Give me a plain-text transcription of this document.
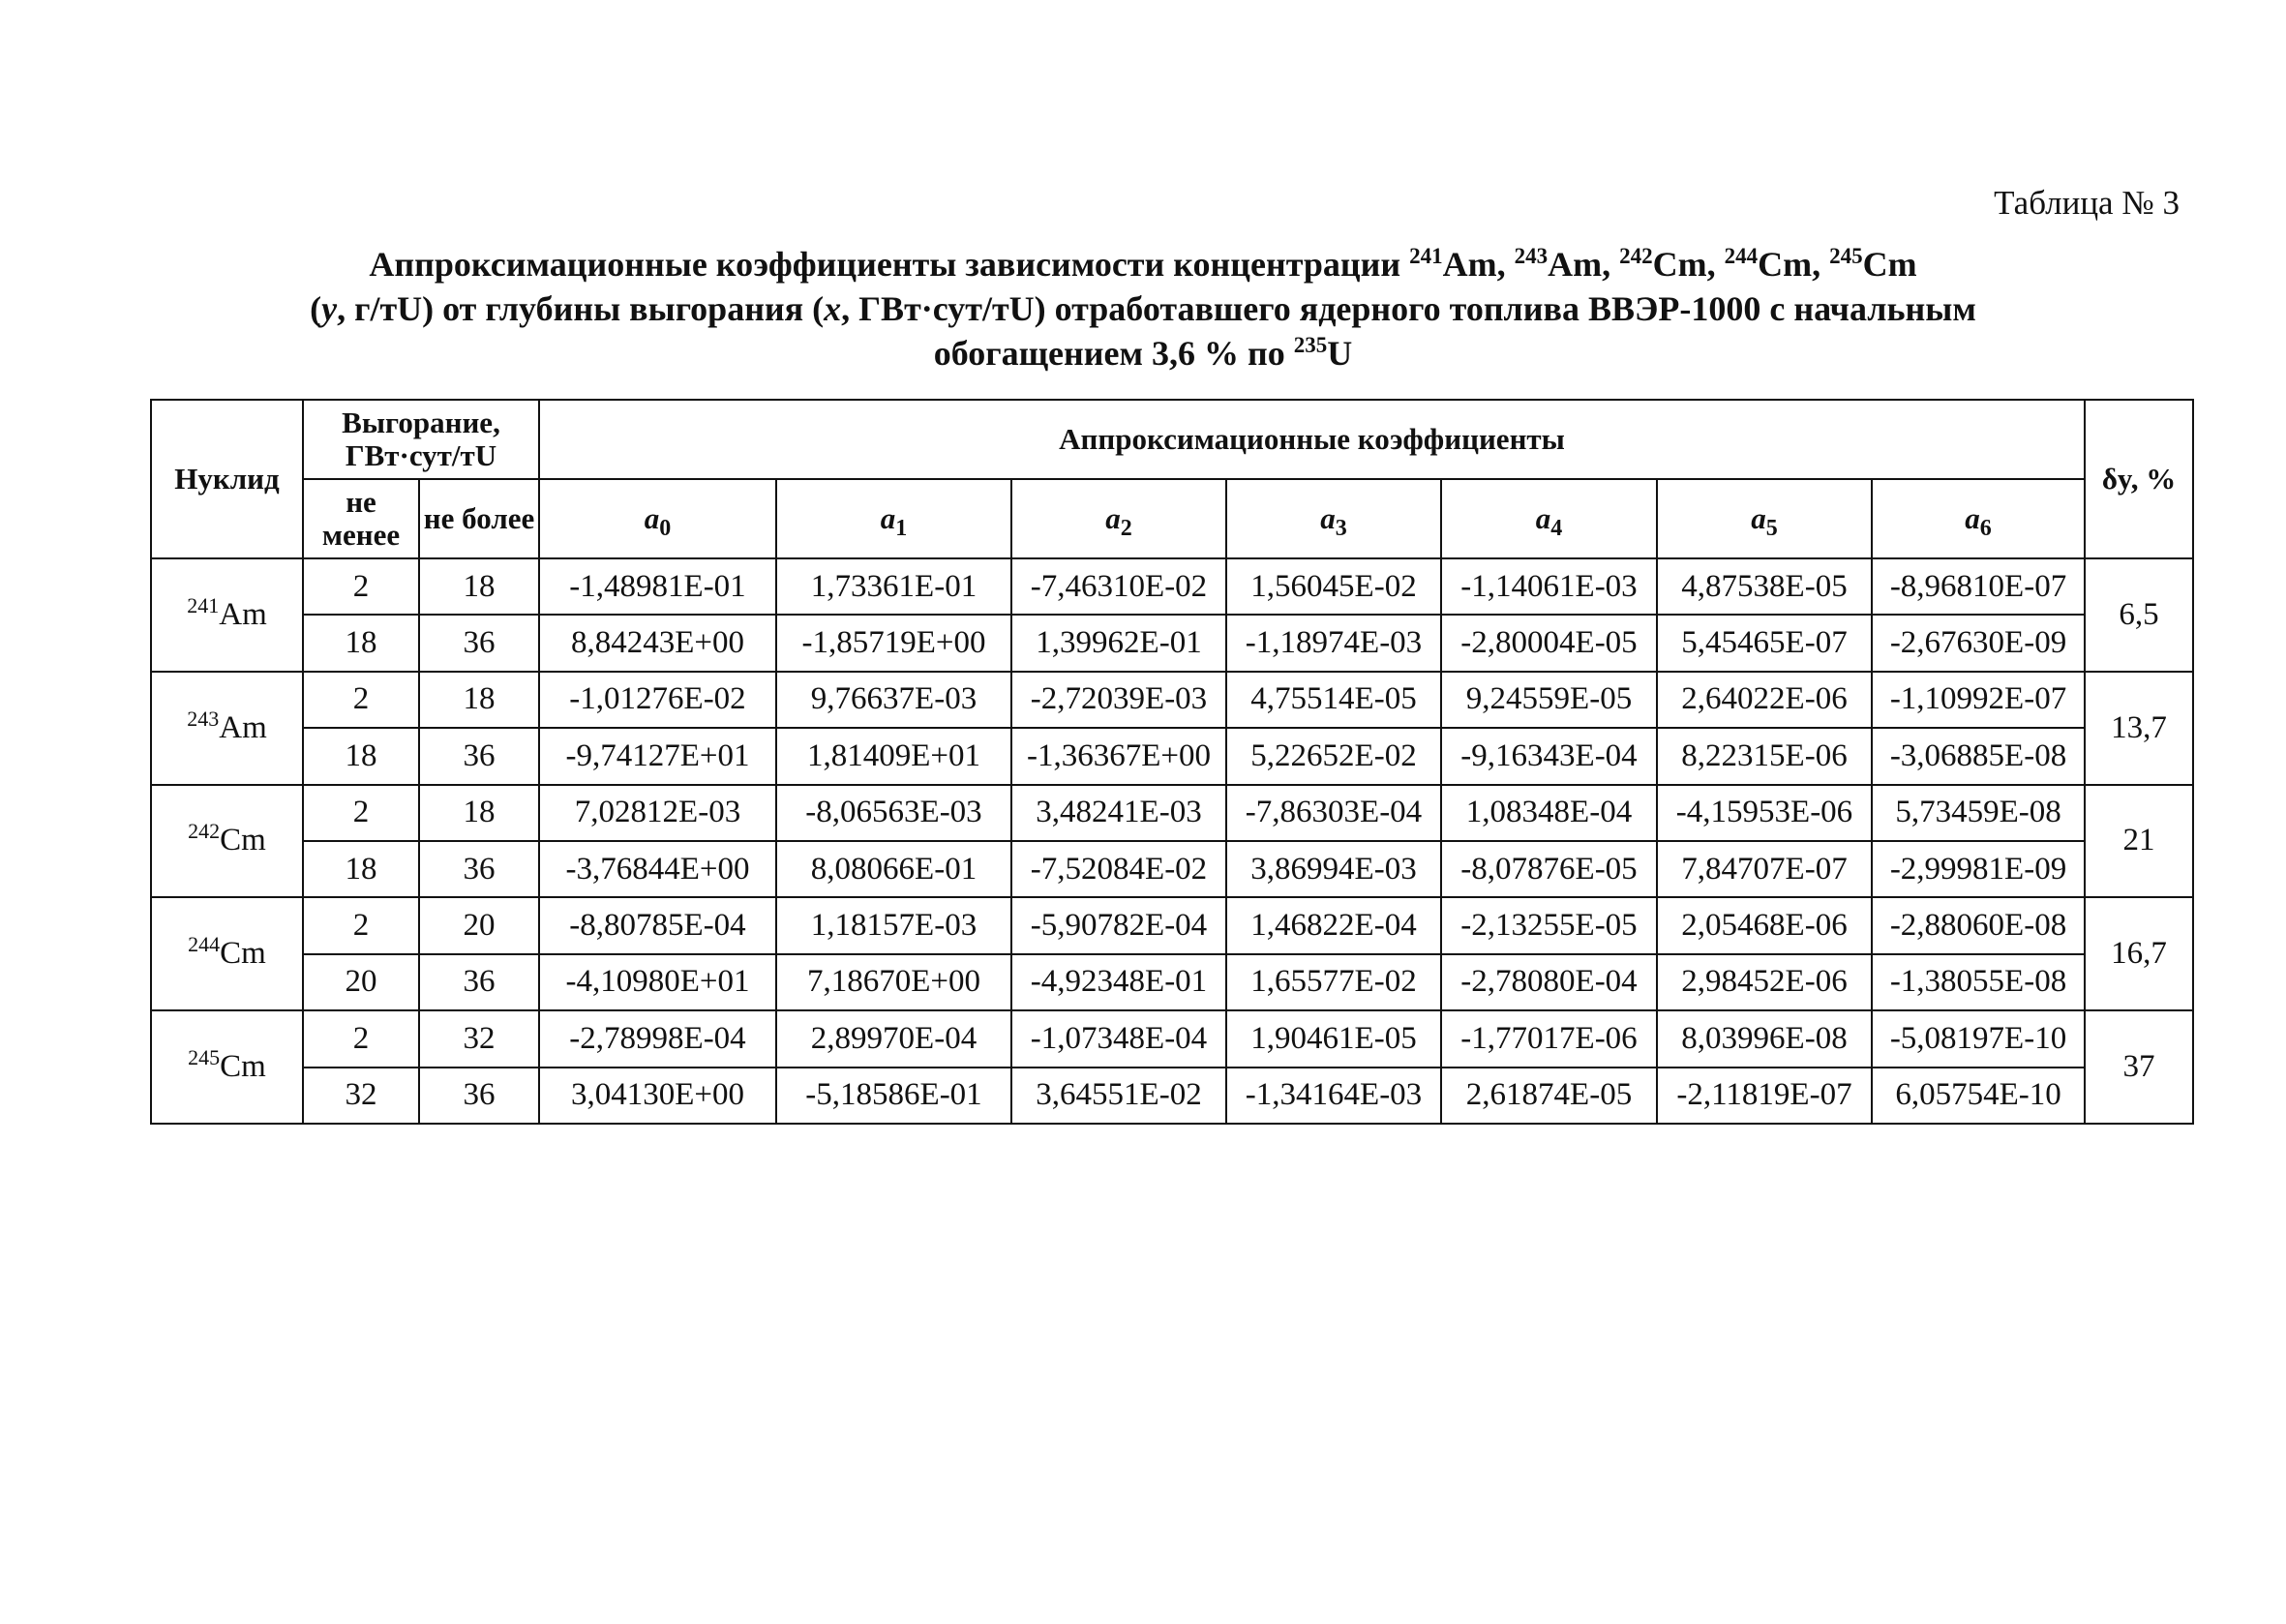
Таблица № 3
Аппроксимационные коэффициенты зависимости концентрации $^{241}$Am, $^{243}$Am, $^{242}$Cm, $^{244}$Cm, $^{245}$Cm
(y, г/тU) от глубины выгорания (x, ГВт·сут/тU) отработавшего ядерного топлива ВВЭР-1000 с начальным
обогащением 3,6 % по $^{235}$U
Нуклид	Выгорание, ГВт·сут/тU		Аппроксимационные коэффициенты							δy, %
	не менее	не более	$a_0$	$a_1$	$a_2$	$a_3$	$a_4$	$a_5$	$a_6$
$^{241}$Am	2	18	-1,48981E-01	1,73361E-01	-7,46310E-02	1,56045E-02	-1,14061E-03	4,87538E-05	-8,96810E-07	6,5
	18	36	8,84243E+00	-1,85719E+00	1,39962E-01	-1,18974E-03	-2,80004E-05	5,45465E-07	-2,67630E-09	
$^{243}$Am	2	18	-1,01276E-02	9,76637E-03	-2,72039E-03	4,75514E-05	9,24559E-05	2,64022E-06	-1,10992E-07	13,7
	18	36	-9,74127E+01	1,81409E+01	-1,36367E+00	5,22652E-02	-9,16343E-04	8,22315E-06	-3,06885E-08	
$^{242}$Cm	2	18	7,02812E-03	-8,06563E-03	3,48241E-03	-7,86303E-04	1,08348E-04	-4,15953E-06	5,73459E-08	21
	18	36	-3,76844E+00	8,08066E-01	-7,52084E-02	3,86994E-03	-8,07876E-05	7,84707E-07	-2,99981E-09	
$^{244}$Cm	2	20	-8,80785E-04	1,18157E-03	-5,90782E-04	1,46822E-04	-2,13255E-05	2,05468E-06	-2,88060E-08	16,7
	20	36	-4,10980E+01	7,18670E+00	-4,92348E-01	1,65577E-02	-2,78080E-04	2,98452E-06	-1,38055E-08	
$^{245}$Cm	2	32	-2,78998E-04	2,89970E-04	-1,07348E-04	1,90461E-05	-1,77017E-06	8,03996E-08	-5,08197E-10	37
	32	36	3,04130E+00	-5,18586E-01	3,64551E-02	-1,34164E-03	2,61874E-05	-2,11819E-07	6,05754E-10	
